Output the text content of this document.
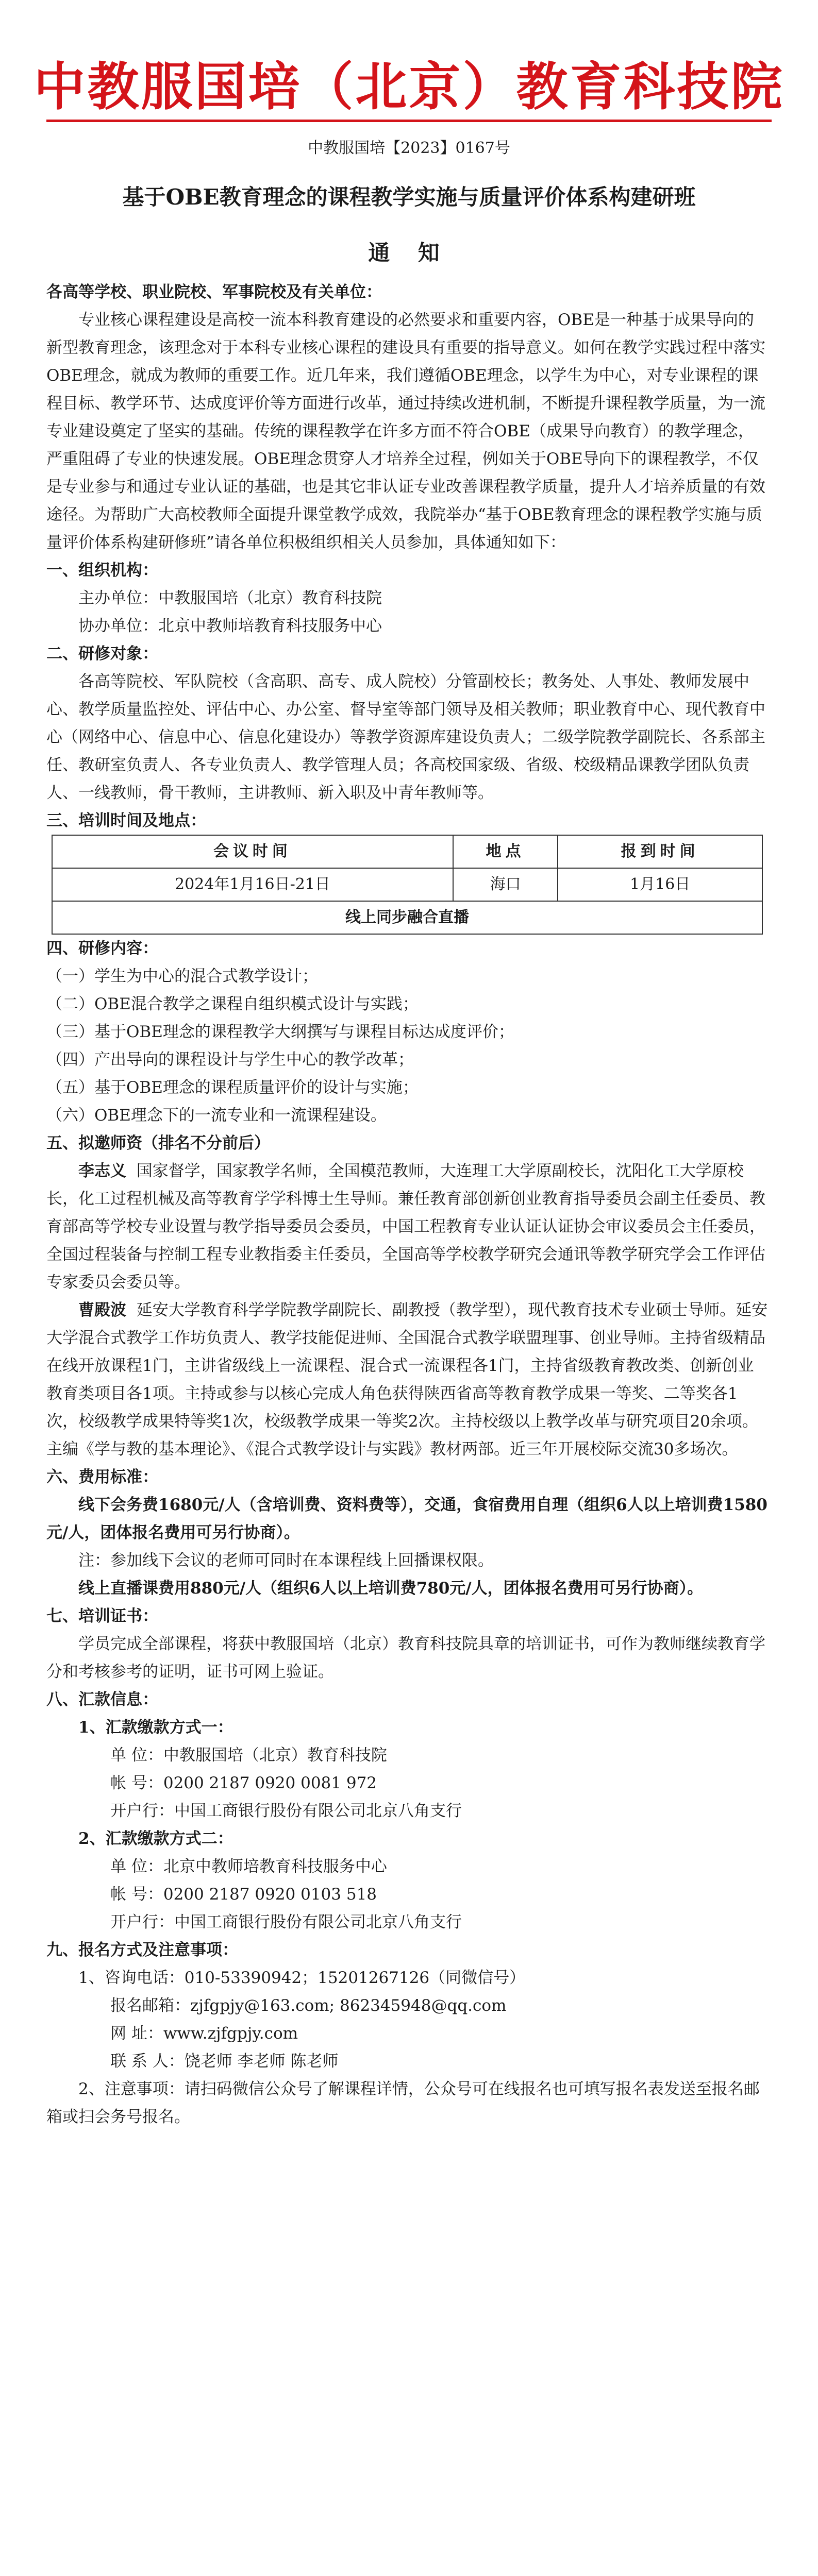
中教服国培（北京）教育科技院
中教服国培【2023】0167号
基于OBE教育理念的课程教学实施与质量评价体系构建研班
通 知

各高等学校、职业院校、军事院校及有关单位：

专业核心课程建设是高校一流本科教育建设的必然要求和重要内容，OBE是一种基于成果导向的新型教育理念，该理念对于本科专业核心课程的建设具有重要的指导意义。如何在教学实践过程中落实OBE理念，就成为教师的重要工作。近几年来，我们遵循OBE理念，以学生为中心，对专业课程的课程目标、教学环节、达成度评价等方面进行改革，通过持续改进机制，不断提升课程教学质量，为一流专业建设奠定了坚实的基础。传统的课程教学在许多方面不符合OBE（成果导向教育）的教学理念，严重阻碍了专业的快速发展。OBE理念贯穿人才培养全过程，例如关于OBE导向下的课程教学，不仅是专业参与和通过专业认证的基础，也是其它非认证专业改善课程教学质量，提升人才培养质量的有效途径。为帮助广大高校教师全面提升课堂教学成效，我院举办“基于OBE教育理念的课程教学实施与质量评价体系构建研修班”请各单位积极组织相关人员参加，具体通知如下：

一、组织机构：

主办单位：中教服国培（北京）教育科技院

协办单位：北京中教师培教育科技服务中心

二、研修对象：

各高等院校、军队院校（含高职、高专、成人院校）分管副校长；教务处、人事处、教师发展中心、教学质量监控处、评估中心、办公室、督导室等部门领导及相关教师；职业教育中心、现代教育中心（网络中心、信息中心、信息化建设办）等教学资源库建设负责人；二级学院教学副院长、各系部主任、教研室负责人、各专业负责人、教学管理人员；各高校国家级、省级、校级精品课教学团队负责人、一线教师，骨干教师，主讲教师、新入职及中青年教师等。

三、培训时间及地点：

会议时间	地点	报到时间
2024年1月16日-21日	海口	1月16日
线上同步融合直播		

四、研修内容：

（一）学生为中心的混合式教学设计；

（二）OBE混合教学之课程自组织模式设计与实践；

（三）基于OBE理念的课程教学大纲撰写与课程目标达成度评价；

（四）产出导向的课程设计与学生中心的教学改革；

（五）基于OBE理念的课程质量评价的设计与实施；

（六）OBE理念下的一流专业和一流课程建设。

五、拟邀师资（排名不分前后）

李志义 国家督学，国家教学名师，全国模范教师，大连理工大学原副校长，沈阳化工大学原校长，化工过程机械及高等教育学学科博士生导师。兼任教育部创新创业教育指导委员会副主任委员、教育部高等学校专业设置与教学指导委员会委员，中国工程教育专业认证认证协会审议委员会主任委员，全国过程装备与控制工程专业教指委主任委员，全国高等学校教学研究会通讯等教学研究学会工作评估专家委员会委员等。

曹殿波 延安大学教育科学学院教学副院长、副教授（教学型），现代教育技术专业硕士导师。延安大学混合式教学工作坊负责人、教学技能促进师、全国混合式教学联盟理事、创业导师。主持省级精品在线开放课程1门，主讲省级线上一流课程、混合式一流课程各1门，主持省级教育教改类、创新创业教育类项目各1项。主持或参与以核心完成人角色获得陕西省高等教育教学成果一等奖、二等奖各1次，校级教学成果特等奖1次，校级教学成果一等奖2次。主持校级以上教学改革与研究项目20余项。主编《学与教的基本理论》、《混合式教学设计与实践》教材两部。近三年开展校际交流30多场次。

六、费用标准：

线下会务费1680元/人（含培训费、资料费等），交通，食宿费用自理（组织6人以上培训费1580元/人，团体报名费用可另行协商）。

注：参加线下会议的老师可同时在本课程线上回播课权限。

线上直播课费用880元/人（组织6人以上培训费780元/人，团体报名费用可另行协商）。

七、培训证书：

学员完成全部课程，将获中教服国培（北京）教育科技院具章的培训证书，可作为教师继续教育学分和考核参考的证明，证书可网上验证。

八、汇款信息：

1、汇款缴款方式一：

单 位：中教服国培（北京）教育科技院

帐 号：0200 2187 0920 0081 972

开户行：中国工商银行股份有限公司北京八角支行

2、汇款缴款方式二：

单 位：北京中教师培教育科技服务中心

帐 号：0200 2187 0920 0103 518

开户行：中国工商银行股份有限公司北京八角支行

九、报名方式及注意事项：

1、咨询电话：010-53390942；15201267126（同微信号）

报名邮箱：zjfgpjy@163.com; 862345948@qq.com

网 址：www.zjfgpjy.com

联 系 人：饶老师 李老师 陈老师

2、注意事项：请扫码微信公众号了解课程详情，公众号可在线报名也可填写报名表发送至报名邮箱或扫会务号报名。
